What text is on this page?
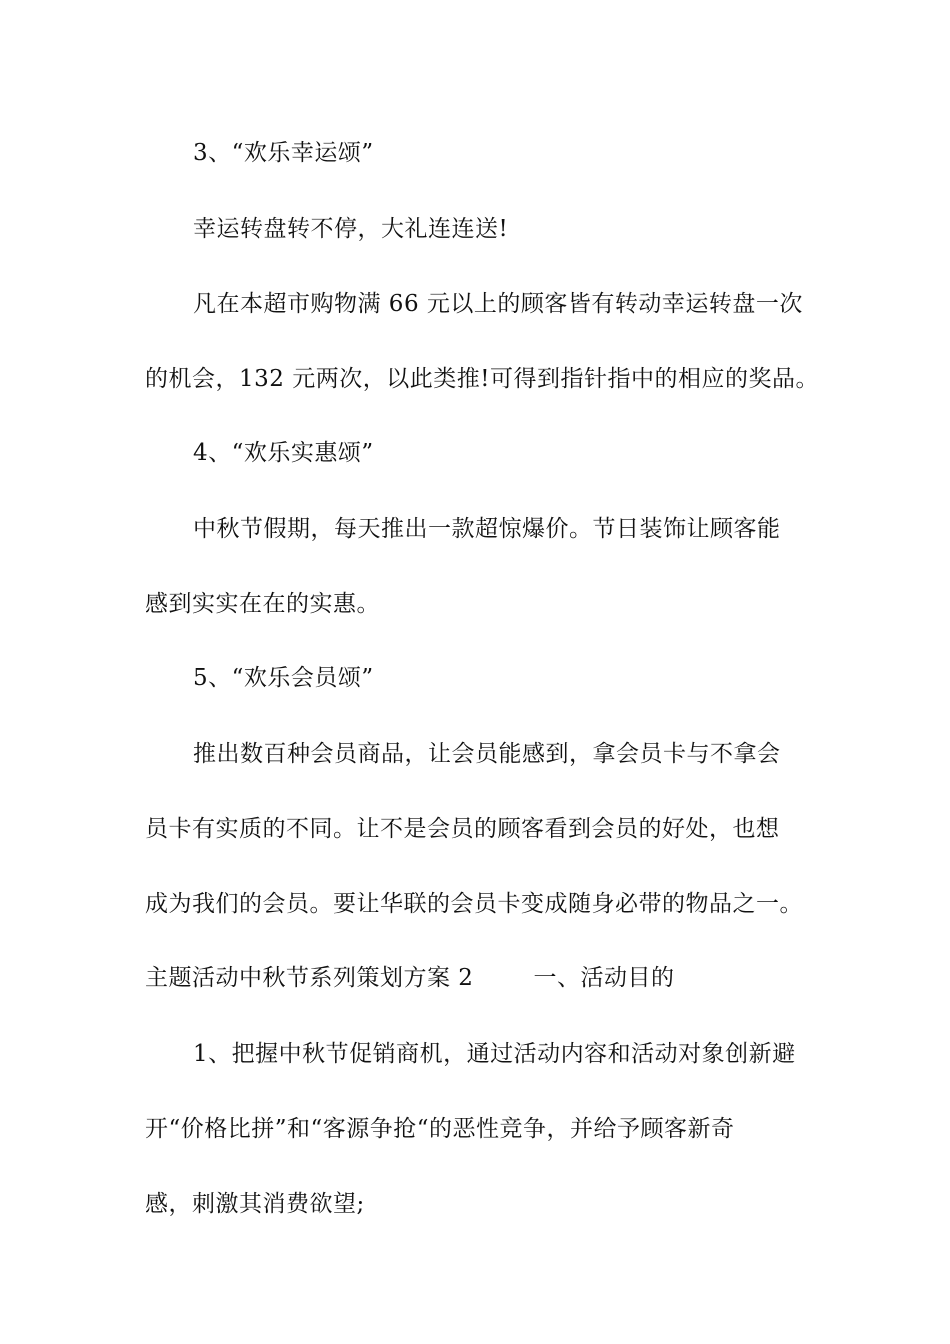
3、“欢乐幸运颂”
幸运转盘转不停，大礼连连送!
凡在本超市购物满 66 元以上的顾客皆有转动幸运转盘一次
的机会，132 元两次，以此类推!可得到指针指中的相应的奖品。
4、“欢乐实惠颂”
中秋节假期，每天推出一款超惊爆价。节日装饰让顾客能
感到实实在在的实惠。
5、“欢乐会员颂”
推出数百种会员商品，让会员能感到，拿会员卡与不拿会
员卡有实质的不同。让不是会员的顾客看到会员的好处，也想
成为我们的会员。要让华联的会员卡变成随身必带的物品之一。
主题活动中秋节系列策划方案 2	一、活动目的
1、把握中秋节促销商机，通过活动内容和活动对象创新避
开“价格比拼”和“客源争抢“的恶性竞争，并给予顾客新奇
感，刺激其消费欲望;
